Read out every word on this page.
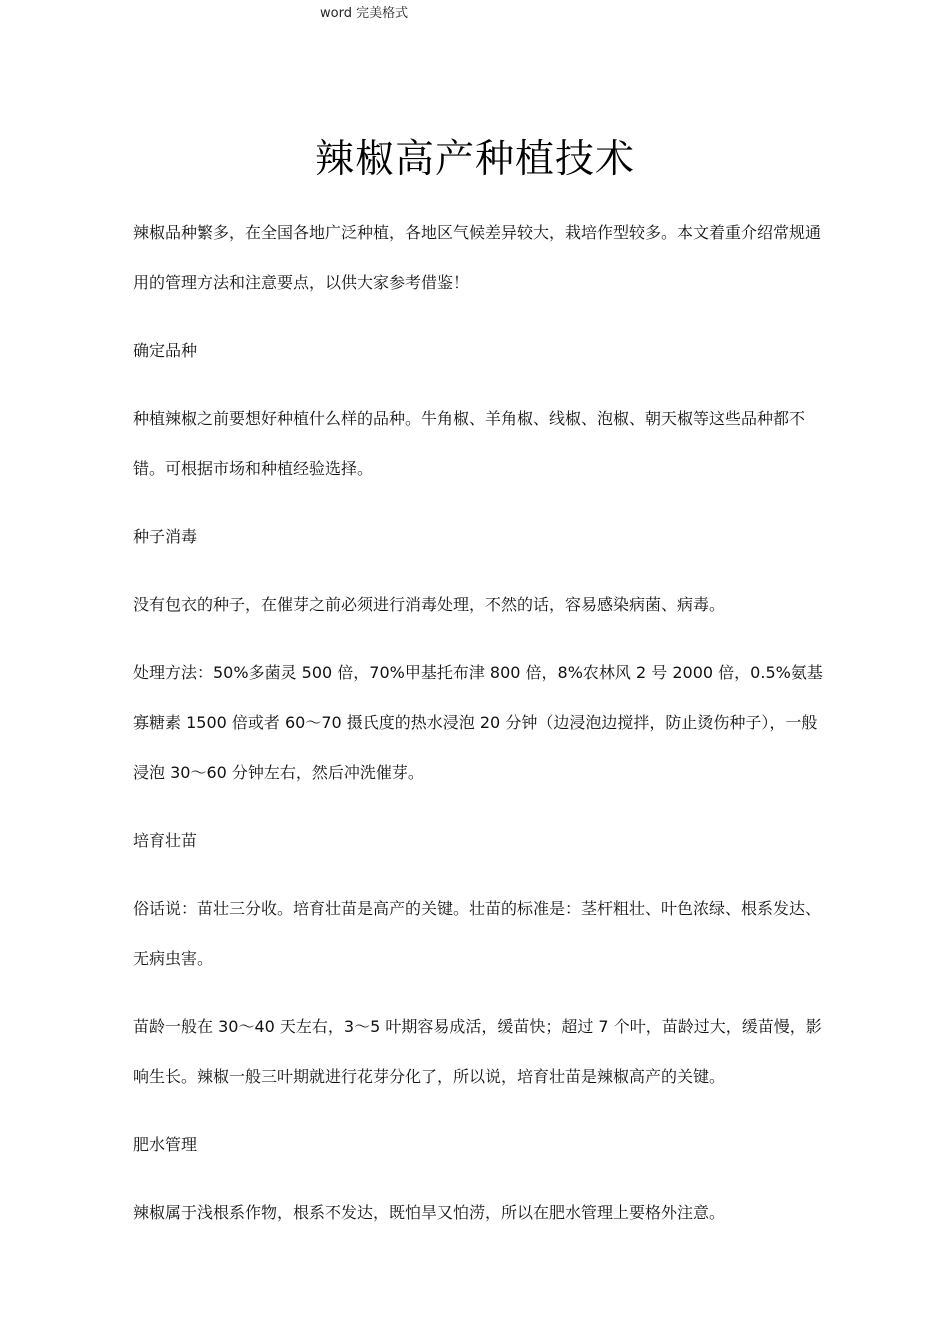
word 完美格式
辣椒高产种植技术

辣椒品种繁多，在全国各地广泛种植，各地区气候差异较大，栽培作型较多。本文着重介绍常规通用的管理方法和注意要点，以供大家参考借鉴！

确定品种

种植辣椒之前要想好种植什么样的品种。牛角椒、羊角椒、线椒、泡椒、朝天椒等这些品种都不错。可根据市场和种植经验选择。

种子消毒

没有包衣的种子，在催芽之前必须进行消毒处理，不然的话，容易感染病菌、病毒。

处理方法：50%多菌灵 500 倍，70%甲基托布津 800 倍，8%农林风 2 号 2000 倍，0.5%氨基寡糖素 1500 倍或者 60～70 摄氏度的热水浸泡 20 分钟（边浸泡边搅拌，防止烫伤种子），一般浸泡 30～60 分钟左右，然后冲洗催芽。

培育壮苗

俗话说：苗壮三分收。培育壮苗是高产的关键。壮苗的标准是：茎杆粗壮、叶色浓绿、根系发达、无病虫害。

苗龄一般在 30～40 天左右，3～5 叶期容易成活，缓苗快；超过 7 个叶，苗龄过大，缓苗慢，影响生长。辣椒一般三叶期就进行花芽分化了，所以说，培育壮苗是辣椒高产的关键。

肥水管理

辣椒属于浅根系作物，根系不发达，既怕旱又怕涝，所以在肥水管理上要格外注意。
